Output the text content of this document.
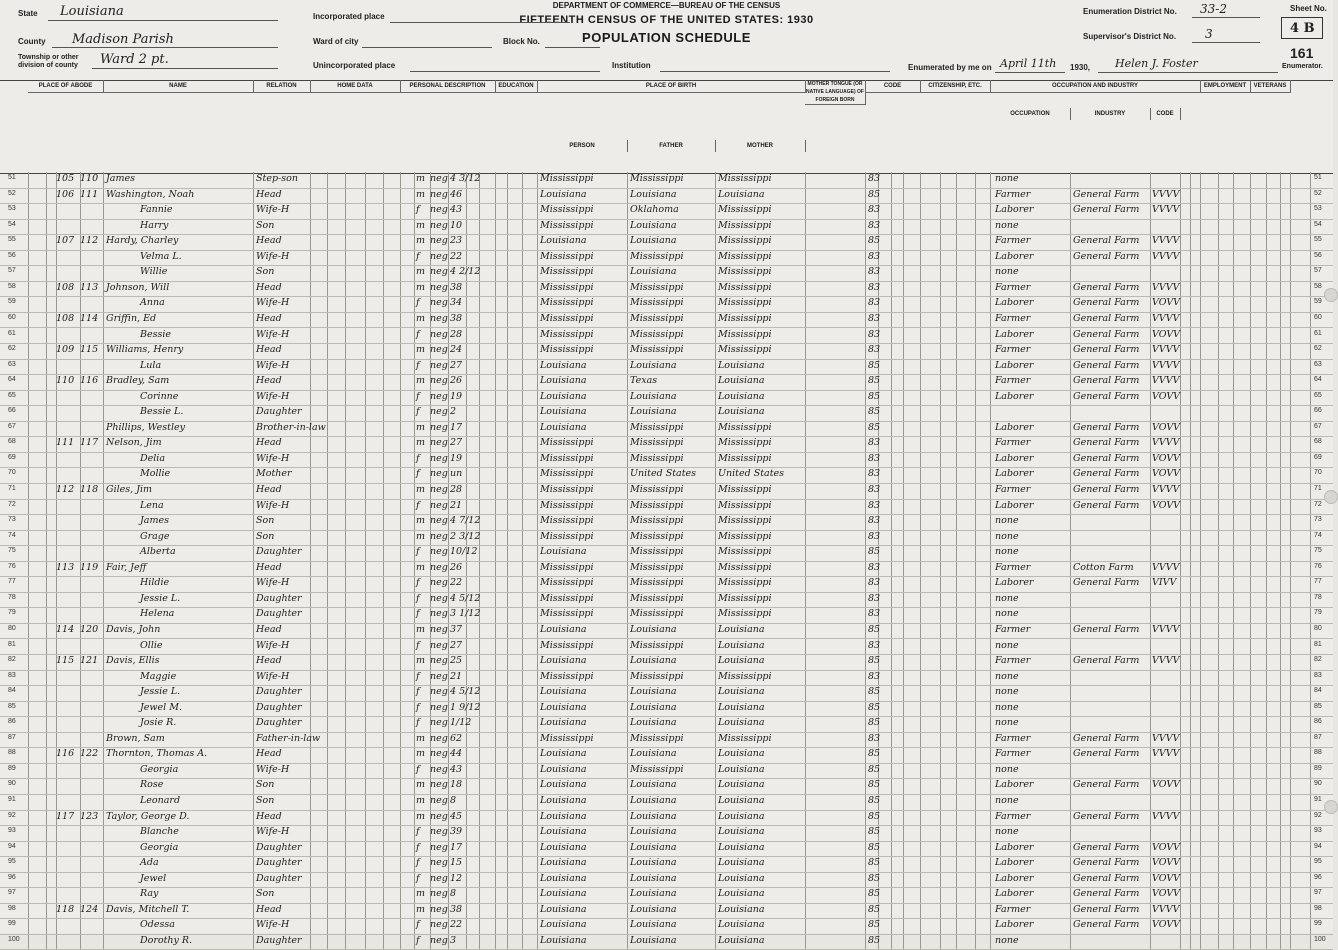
DEPARTMENT OF COMMERCE—BUREAU OF THE CENSUS
FIFTEENTH CENSUS OF THE UNITED STATES: 1930
POPULATION SCHEDULE
State Louisiana
County Madison Parish
Township or other division of county	Ward 2 pt.
Incorporated place
Ward of city	Block No.
Unincorporated place	Institution
Enumeration District No. 33-2
Supervisor's District No. 3
Sheet No.
4 B
Enumerated by me on April 11th 1930, Helen J. Foster	Enumerator.
161
PLACE OF ABODE	NAME	RELATION	HOME DATA	PERSONAL DESCRIPTION	EDUCATION	PLACE OF BIRTH	MOTHER TONGUE (OR NATIVE LANGUAGE) OF FOREIGN BORN
CODE	CITIZENSHIP, ETC.	OCCUPATION AND INDUSTRY	EMPLOYMENT	VETERANS
PERSON	FATHER	MOTHER
OCCUPATION	INDUSTRY	CODE
51	51
105 110 James	Step-son	m neg 4 3/12	Mississippi	Mississippi	Mississippi	83	none
52	52
106 111 Washington, Noah	Head	m neg 46	Louisiana	Louisiana	Louisiana	85	Farmer	General Farm	VVVV
53	53
Fannie	Wife-H	f	neg 43	Mississippi	Oklahoma	Mississippi	83	Laborer	General Farm	VVVV
54	54
Harry	Son	m neg 10	Mississippi	Louisiana	Mississippi	83	none
55	55
107 112 Hardy, Charley	Head	m neg 23	Louisiana	Louisiana	Mississippi	85	Farmer	General Farm	VVVV
56	56
Velma L.	Wife-H	f	neg 22	Mississippi	Mississippi	Mississippi	83	Laborer	General Farm	VVVV
57	57
Willie	Son	m neg 4 2/12	Mississippi	Louisiana	Mississippi	83	none
58	58
108 113 Johnson, Will	Head	m neg 38	Mississippi	Mississippi	Mississippi	83	Farmer	General Farm	VVVV
59	59
Anna	Wife-H	f	neg 34	Mississippi	Mississippi	Mississippi	83	Laborer	General Farm	VOVV
60	60
108 114 Griffin, Ed	Head	m neg 38	Mississippi	Mississippi	Mississippi	83	Farmer	General Farm	VVVV
61	61
Bessie	Wife-H	f	neg 28	Mississippi	Mississippi	Mississippi	83	Laborer	General Farm	VOVV
62	62
109 115 Williams, Henry	Head	m neg 24	Mississippi	Mississippi	Mississippi	83	Farmer	General Farm	VVVV
63	63
Lula	Wife-H	f	neg 27	Louisiana	Louisiana	Louisiana	85	Laborer	General Farm	VVVV
64	64
110 116 Bradley, Sam	Head	m neg 26	Louisiana	Texas	Louisiana	85	Farmer	General Farm	VVVV
65	65
Corinne	Wife-H	f	neg 19	Louisiana	Louisiana	Louisiana	85	Laborer	General Farm	VOVV
66	66
Bessie L.	Daughter	f	neg 2	Louisiana	Louisiana	Louisiana	85
67	67
Phillips, Westley	Brother-in-law	m neg 17	Louisiana	Mississippi	Mississippi	85	Laborer	General Farm	VOVV
68	68
111 117 Nelson, Jim	Head	m neg 27	Mississippi	Mississippi	Mississippi	83	Farmer	General Farm	VVVV
69	69
Delia	Wife-H	f	neg 19	Mississippi	Mississippi	Mississippi	83	Laborer	General Farm	VOVV
70	70
Mollie	Mother	f	neg un	Mississippi	United States	United States	83	Laborer	General Farm	VOVV
71	71
112 118 Giles, Jim	Head	m neg 28	Mississippi	Mississippi	Mississippi	83	Farmer	General Farm	VVVV
72	72
Lena	Wife-H	f	neg 21	Mississippi	Mississippi	Mississippi	83	Laborer	General Farm	VOVV
73	73
James	Son	m neg 4 7/12	Mississippi	Mississippi	Mississippi	83	none
74	74
Grage	Son	m neg 2 3/12	Mississippi	Mississippi	Mississippi	83	none
75	75
Alberta	Daughter	f	neg 10/12	Louisiana	Mississippi	Mississippi	85	none
76	76
113 119 Fair, Jeff	Head	m neg 26	Mississippi	Mississippi	Mississippi	83	Farmer	Cotton Farm	VVVV
77	77
Hildie	Wife-H	f	neg 22	Mississippi	Mississippi	Mississippi	83	Laborer	General Farm	VIVV
78	78
Jessie L.	Daughter	f	neg 4 5/12	Mississippi	Mississippi	Mississippi	83	none
79	79
Helena	Daughter	f	neg 3 1/12	Mississippi	Mississippi	Mississippi	83	none
80	80
114 120 Davis, John	Head	m neg 37	Louisiana	Louisiana	Louisiana	85	Farmer	General Farm	VVVV
81	81
Ollie	Wife-H	f	neg 27	Mississippi	Mississippi	Louisiana	83	none
82	82
115 121 Davis, Ellis	Head	m neg 25	Louisiana	Louisiana	Louisiana	85	Farmer	General Farm	VVVV
83	83
Maggie	Wife-H	f	neg 21	Mississippi	Mississippi	Mississippi	83	none
84	84
Jessie L.	Daughter	f	neg 4 5/12	Louisiana	Louisiana	Louisiana	85	none
85	85
Jewel M.	Daughter	f	neg 1 9/12	Louisiana	Louisiana	Louisiana	85	none
86	86
Josie R.	Daughter	f	neg 1/12	Louisiana	Louisiana	Louisiana	85	none
87	87
Brown, Sam	Father-in-law	m neg 62	Mississippi	Mississippi	Mississippi	83	Farmer	General Farm	VVVV
88	88
116 122 Thornton, Thomas A.	Head	m neg 44	Louisiana	Louisiana	Louisiana	85	Farmer	General Farm	VVVV
89	89
Georgia	Wife-H	f	neg 43	Louisiana	Mississippi	Louisiana	85	none
90	90
Rose	Son	m neg 18	Louisiana	Louisiana	Louisiana	85	Laborer	General Farm	VOVV
91	91
Leonard	Son	m neg 8	Louisiana	Louisiana	Louisiana	85	none
92	92
117 123 Taylor, George D.	Head	m neg 45	Louisiana	Louisiana	Louisiana	85	Farmer	General Farm	VVVV
93	93
Blanche	Wife-H	f	neg 39	Louisiana	Louisiana	Louisiana	85	none
94	94
Georgia	Daughter	f	neg 17	Louisiana	Louisiana	Louisiana	85	Laborer	General Farm	VOVV
95	95
Ada	Daughter	f	neg 15	Louisiana	Louisiana	Louisiana	85	Laborer	General Farm	VOVV
96	96
Jewel	Daughter	f	neg 12	Louisiana	Louisiana	Louisiana	85	Laborer	General Farm	VOVV
97	97
Ray	Son	m neg 8	Louisiana	Louisiana	Louisiana	85	Laborer	General Farm	VOVV
98	98
118 124 Davis, Mitchell T.	Head	m neg 38	Louisiana	Louisiana	Louisiana	85	Farmer	General Farm	VVVV
99	99
Odessa	Wife-H	f	neg 22	Louisiana	Louisiana	Louisiana	85	Laborer	General Farm	VOVV
100	100
Dorothy R.	Daughter	f	neg 3	Louisiana	Louisiana	Louisiana	85	none
